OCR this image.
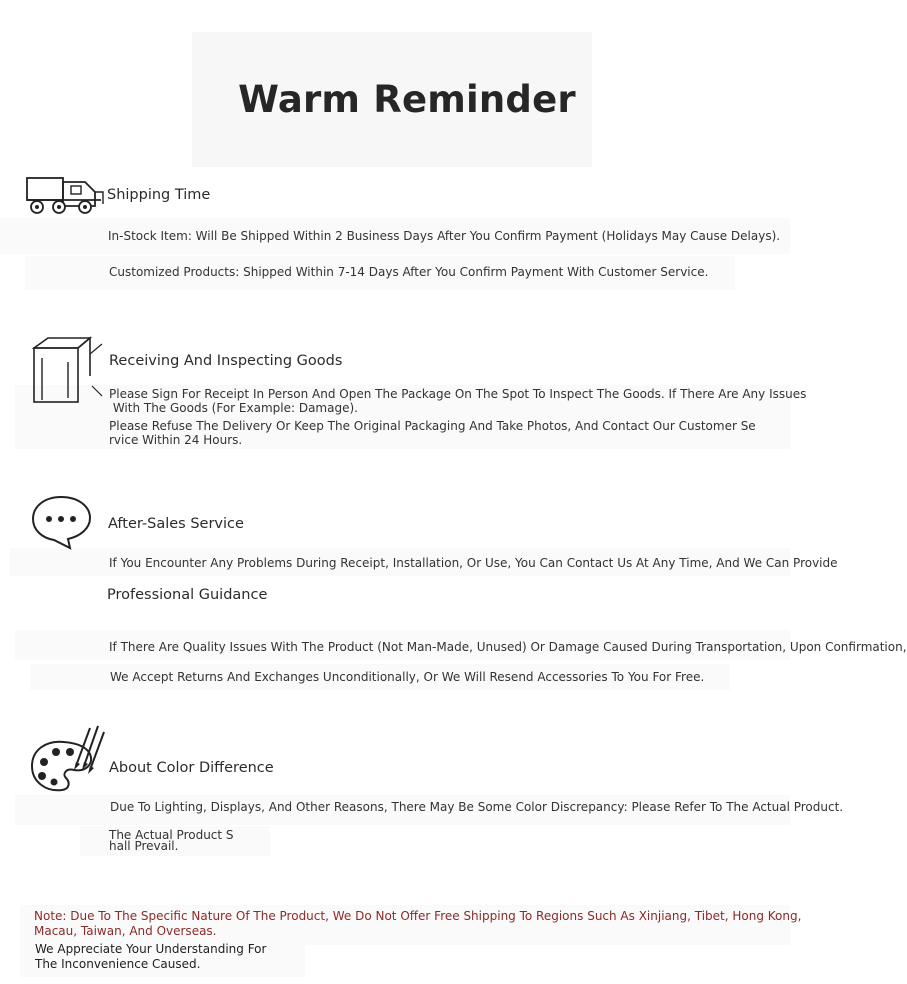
Warm Reminder
Shipping Time
In-Stock Item: Will Be Shipped Within 2 Business Days After You Confirm Payment (Holidays May Cause Delays).
Customized Products: Shipped Within 7-14 Days After You Confirm Payment With Customer Service.
Receiving And Inspecting Goods
Please Sign For Receipt In Person And Open The Package On The Spot To Inspect The Goods. If There Are Any Issues
With The Goods (For Example: Damage).
Please Refuse The Delivery Or Keep The Original Packaging And Take Photos, And Contact Our Customer Se
rvice Within 24 Hours.
After-Sales Service
If You Encounter Any Problems During Receipt, Installation, Or Use, You Can Contact Us At Any Time, And We Can Provide
Professional Guidance
If There Are Quality Issues With The Product (Not Man-Made, Unused) Or Damage Caused During Transportation, Upon Confirmation,
We Accept Returns And Exchanges Unconditionally, Or We Will Resend Accessories To You For Free.
About Color Difference
Due To Lighting, Displays, And Other Reasons, There May Be Some Color Discrepancy: Please Refer To The Actual Product.
The Actual Product S
hall Prevail.
Note: Due To The Specific Nature Of The Product, We Do Not Offer Free Shipping To Regions Such As Xinjiang, Tibet, Hong Kong,
Macau, Taiwan, And Overseas.
We Appreciate Your Understanding For
The Inconvenience Caused.
